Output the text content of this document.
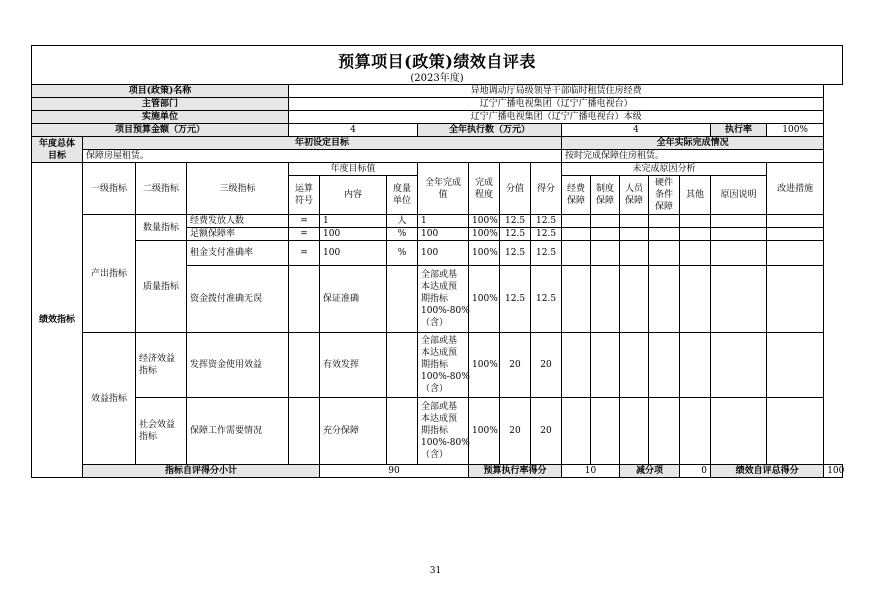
预算项目(政策)绩效自评表
(2023年度)
项目(政策)名称				异地调动厅局级领导干部临时租赁住房经费														
主管部门				辽宁广播电视集团（辽宁广播电视台）														
实施单位				辽宁广播电视集团（辽宁广播电视台）本级														
项目预算金额（万元）				4			全年执行数（万元）				4					执行率	100%	
年度总体目标	年初设定目标										全年实际完成情况							
	保障房屋租赁。										按时完成保障住房租赁。							
绩效指标	一级指标	二级指标	三级指标	年度目标值			全年完成值	完成程度	分值	得分	未完成原因分析						改进措施	
				运算符号	内容	度量单位					经费保障	制度保障	人员保障	硬件条件保障	其他	原因说明		
	产出指标	数量指标	经费发放人数	=	1	人	1	100%	12.5	12.5								
			足额保障率	=	100	%	100	100%	12.5	12.5								
		质量指标	租金支付准确率	=	100	%	100	100%	12.5	12.5								
			资金拨付准确无误		保证准确		全部或基本达成预期指标100%-80%（含）	100%	12.5	12.5								
	效益指标	经济效益指标	发挥资金使用效益		有效发挥		全部或基本达成预期指标100%-80%（含）	100%	20	20								
		社会效益指标	保障工作需要情况		充分保障		全部或基本达成预期指标100%-80%（含）	100%	20	20								
	指标自评得分小计				90			预算执行率得分			10		减分项		0	绩效自评总得分		100
31
